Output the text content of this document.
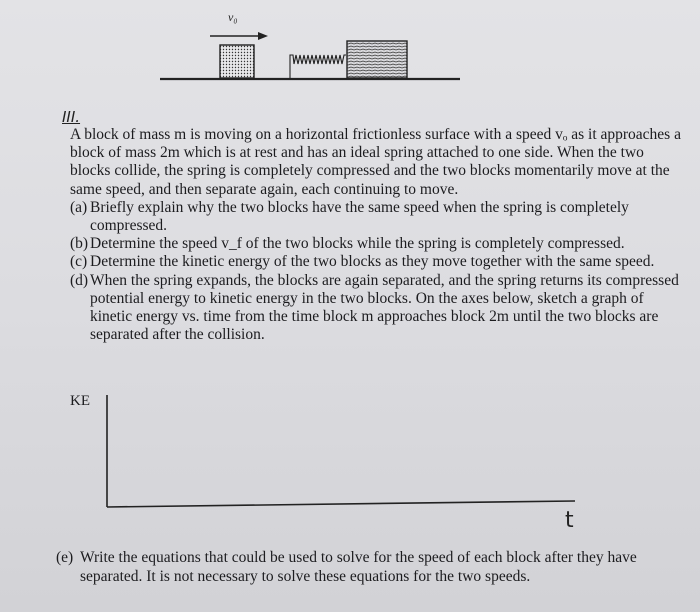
v₀
III.

A block of mass m is moving on a horizontal frictionless surface with a speed vₒ as it approaches a block of mass 2m which is at rest and has an ideal spring attached to one side. When the two blocks collide, the spring is completely compressed and the two blocks momentarily move at the same speed, and then separate again, each continuing to move.

(a) Briefly explain why the two blocks have the same speed when the spring is completely compressed.
(b) Determine the speed v_f of the two blocks while the spring is completely compressed.
(c) Determine the kinetic energy of the two blocks as they move together with the same speed.
(d) When the spring expands, the blocks are again separated, and the spring returns its compressed potential energy to kinetic energy in the two blocks. On the axes below, sketch a graph of kinetic energy vs. time from the time block m approaches block 2m until the two blocks are separated after the collision.
KE
t
(e) Write the equations that could be used to solve for the speed of each block after they have separated. It is not necessary to solve these equations for the two speeds.
